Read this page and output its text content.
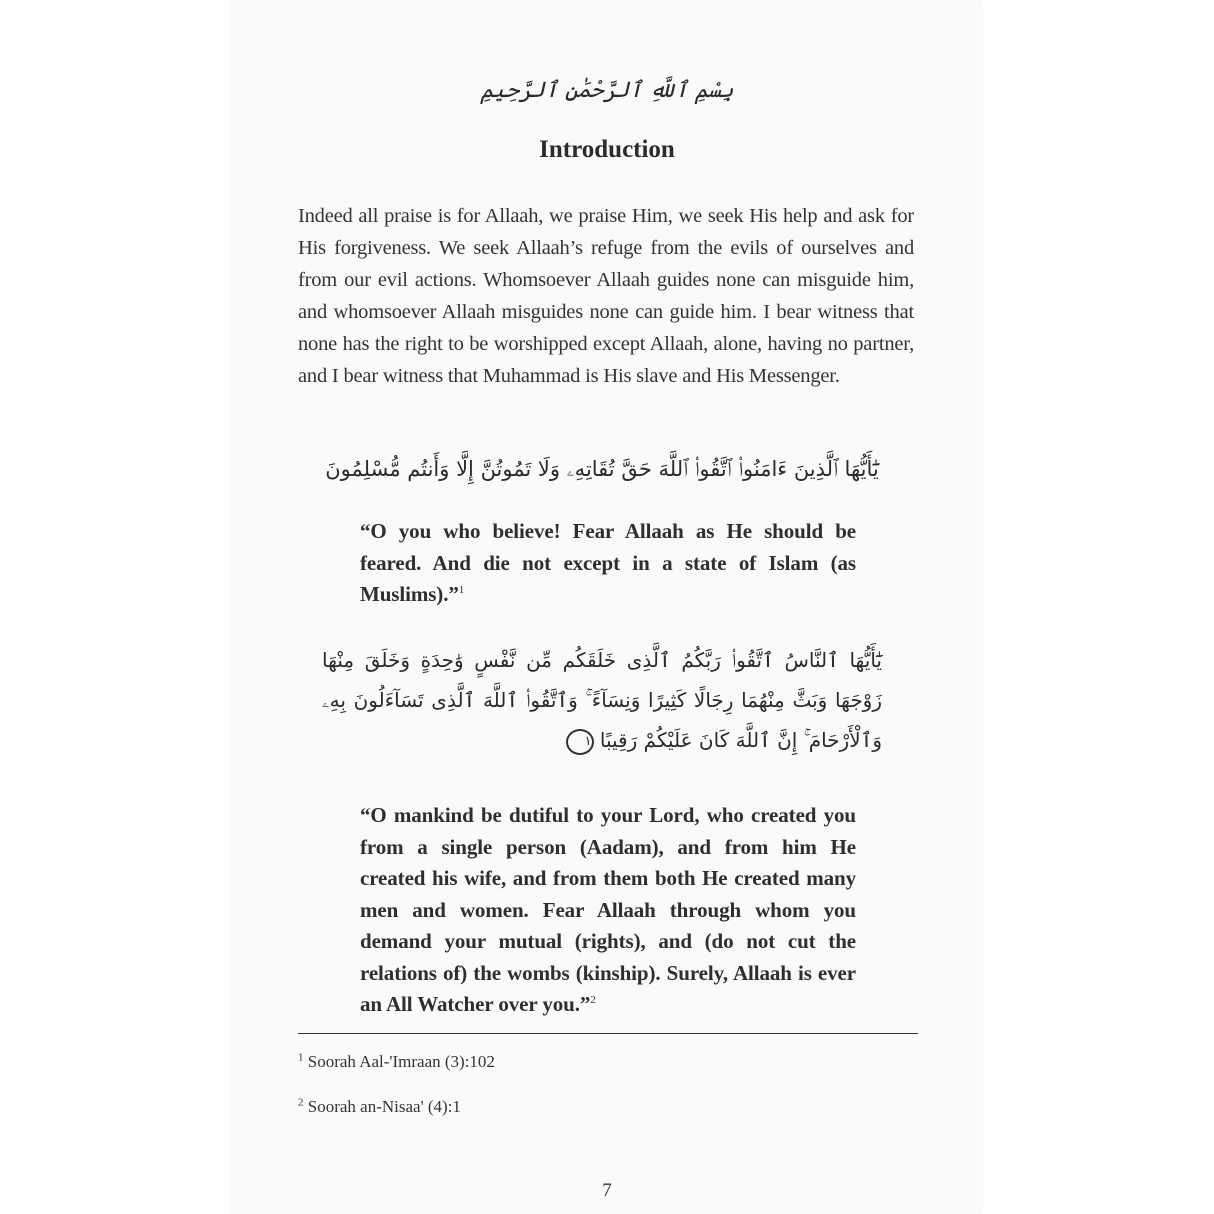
بِسْمِ ٱللَّهِ ٱلرَّحْمَٰنِ ٱلرَّحِيمِ
Introduction

Indeed all praise is for Allaah, we praise Him, we seek His help and ask for His forgiveness. We seek Allaah’s refuge from the evils of ourselves and from our evil actions. Whomsoever Allaah guides none can misguide him, and whomsoever Allaah misguides none can guide him. I bear witness that none has the right to be worshipped except Allaah, alone, having no partner, and I bear witness that Muhammad is His slave and His Messenger.

يَٰٓأَيُّهَا ٱلَّذِينَ ءَامَنُوا۟ ٱتَّقُوا۟ ٱللَّهَ حَقَّ تُقَاتِهِۦ وَلَا تَمُوتُنَّ إِلَّا وَأَنتُم مُّسْلِمُونَ

“O you who believe! Fear Allaah as He should be feared. And die not except in a state of Islam (as Muslims).”$^1$

يَٰٓأَيُّهَا ٱلنَّاسُ ٱتَّقُوا۟ رَبَّكُمُ ٱلَّذِى خَلَقَكُم مِّن نَّفْسٍ وَٰحِدَةٍ وَخَلَقَ مِنْهَا زَوْجَهَا وَبَثَّ مِنْهُمَا رِجَالًا كَثِيرًا وَنِسَآءً ۚ وَٱتَّقُوا۟ ٱللَّهَ ٱلَّذِى تَسَآءَلُونَ بِهِۦ وَٱلْأَرْحَامَ ۚ إِنَّ ٱللَّهَ كَانَ عَلَيْكُمْ رَقِيبًا ١

“O mankind be dutiful to your Lord, who created you from a single person (Aadam), and from him He created his wife, and from them both He created many men and women. Fear Allaah through whom you demand your mutual (rights), and (do not cut the relations of) the wombs (kinship). Surely, Allaah is ever an All Watcher over you.”$^2$

$^1$ Soorah Aal-'Imraan (3):102

$^2$ Soorah an-Nisaa' (4):1

7
